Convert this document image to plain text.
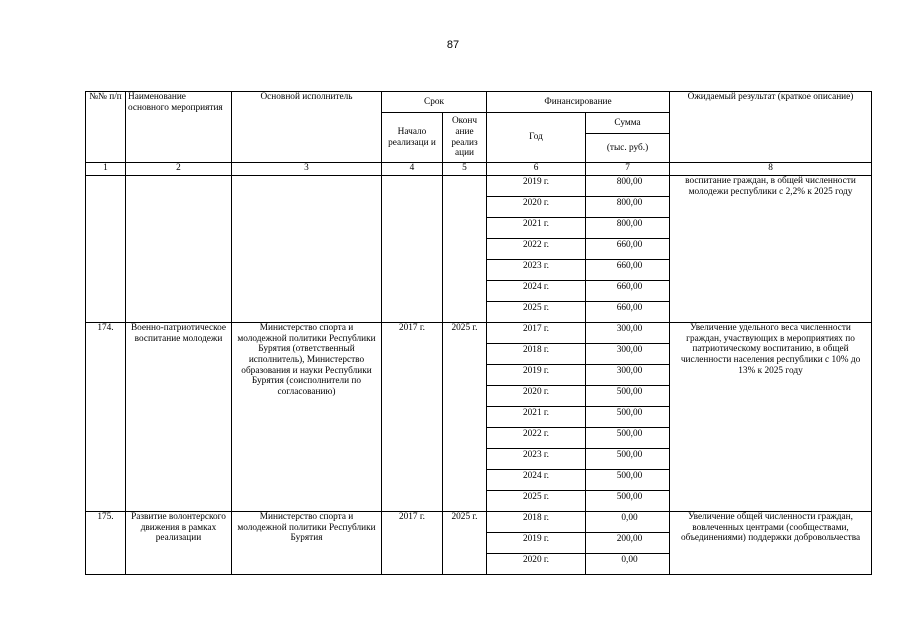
87
№№ п/п	Наименование основного мероприятия	Основной исполнитель	Срок		Финансирование		Ожидаемый результат (краткое описание)
			Начало реализаци и	Оконч ание реализ ации	Год	Сумма	
						(тыс. руб.)	
1	2	3	4	5	6	7	8
					2019 г.	800,00	воспитание граждан, в общей численности молодежи республики с 2,2% к 2025 году
					2020 г.	800,00	
					2021 г.	800,00	
					2022 г.	660,00	
					2023 г.	660,00	
					2024 г.	660,00	
					2025 г.	660,00	
174.	Военно-патриотическое воспитание молодежи	Министерство спорта и молодежной политики Республики Бурятия (ответственный исполнитель), Министерство образования и науки Республики Бурятия (соисполнители по согласованию)	2017 г.	2025 г.	2017 г.	300,00	Увеличение удельного веса численности граждан, участвующих в мероприятиях по патриотическому воспитанию, в общей численности населения республики с 10% до 13% к 2025 году
					2018 г.	300,00	
					2019 г.	300,00	
					2020 г.	500,00	
					2021 г.	500,00	
					2022 г.	500,00	
					2023 г.	500,00	
					2024 г.	500,00	
					2025 г.	500,00	
175.	Развитие волонтерского движения в рамках реализации	Министерство спорта и молодежной политики Республики Бурятия	2017 г.	2025 г.	2018 г.	0,00	Увеличение общей численности граждан, вовлеченных центрами (сообществами, объединениями) поддержки добровольчества
					2019 г.	200,00	
					2020 г.	0,00	
